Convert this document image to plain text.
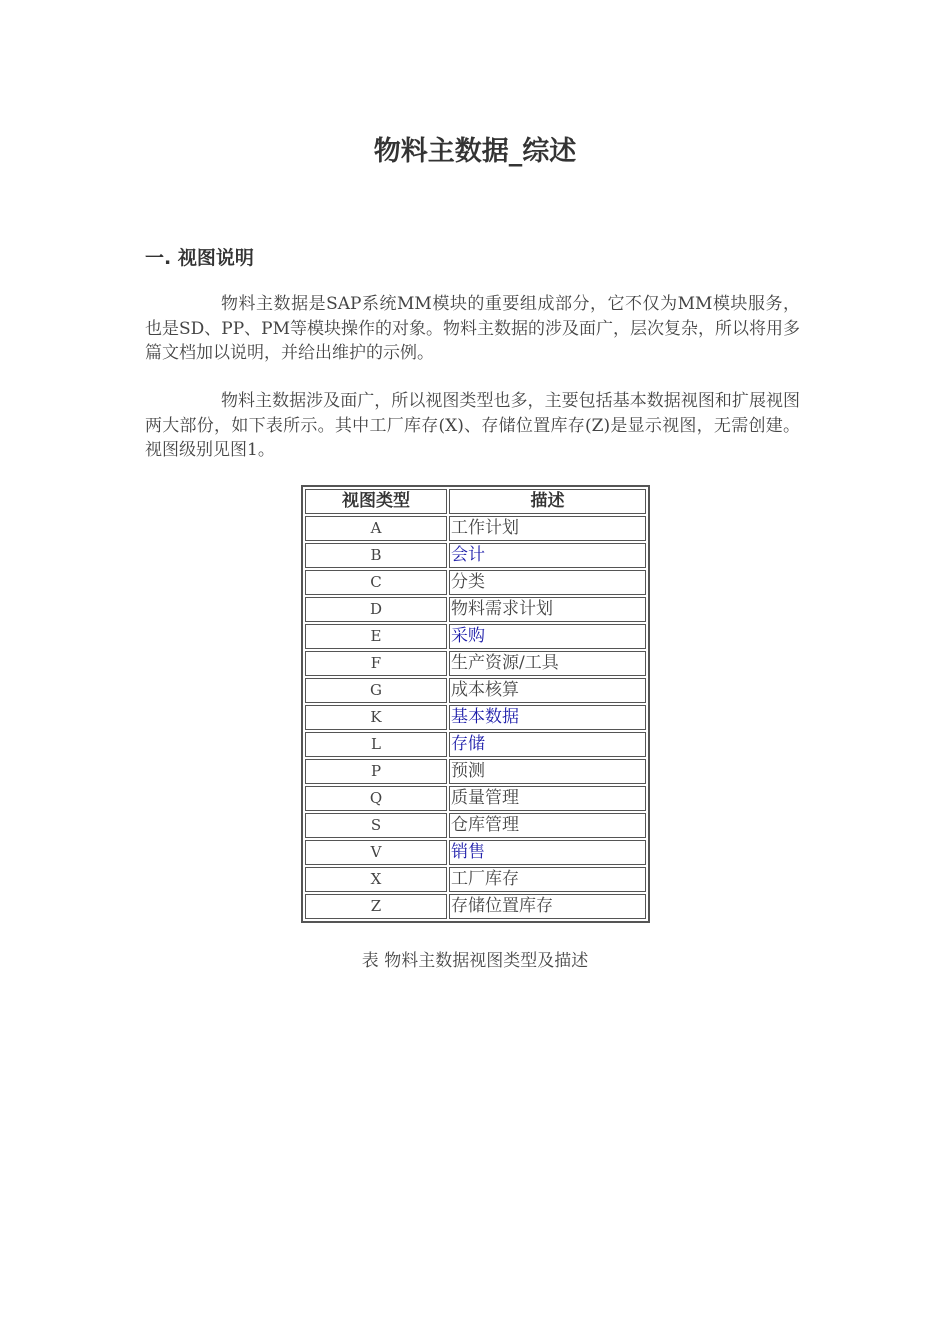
物料主数据_综述
一. 视图说明

物料主数据是SAP系统MM模块的重要组成部分，它不仅为MM模块服务，也是SD、PP、PM等模块操作的对象。物料主数据的涉及面广，层次复杂，所以将用多篇文档加以说明，并给出维护的示例。

物料主数据涉及面广，所以视图类型也多，主要包括基本数据视图和扩展视图两大部份，如下表所示。其中工厂库存(X)、存储位置库存(Z)是显示视图，无需创建。视图级别见图1。

视图类型	描述
A	工作计划
B	会计
C	分类
D	物料需求计划
E	采购
F	生产资源/工具
G	成本核算
K	基本数据
L	存储
P	预测
Q	质量管理
S	仓库管理
V	销售
X	工厂库存
Z	存储位置库存

表 物料主数据视图类型及描述
